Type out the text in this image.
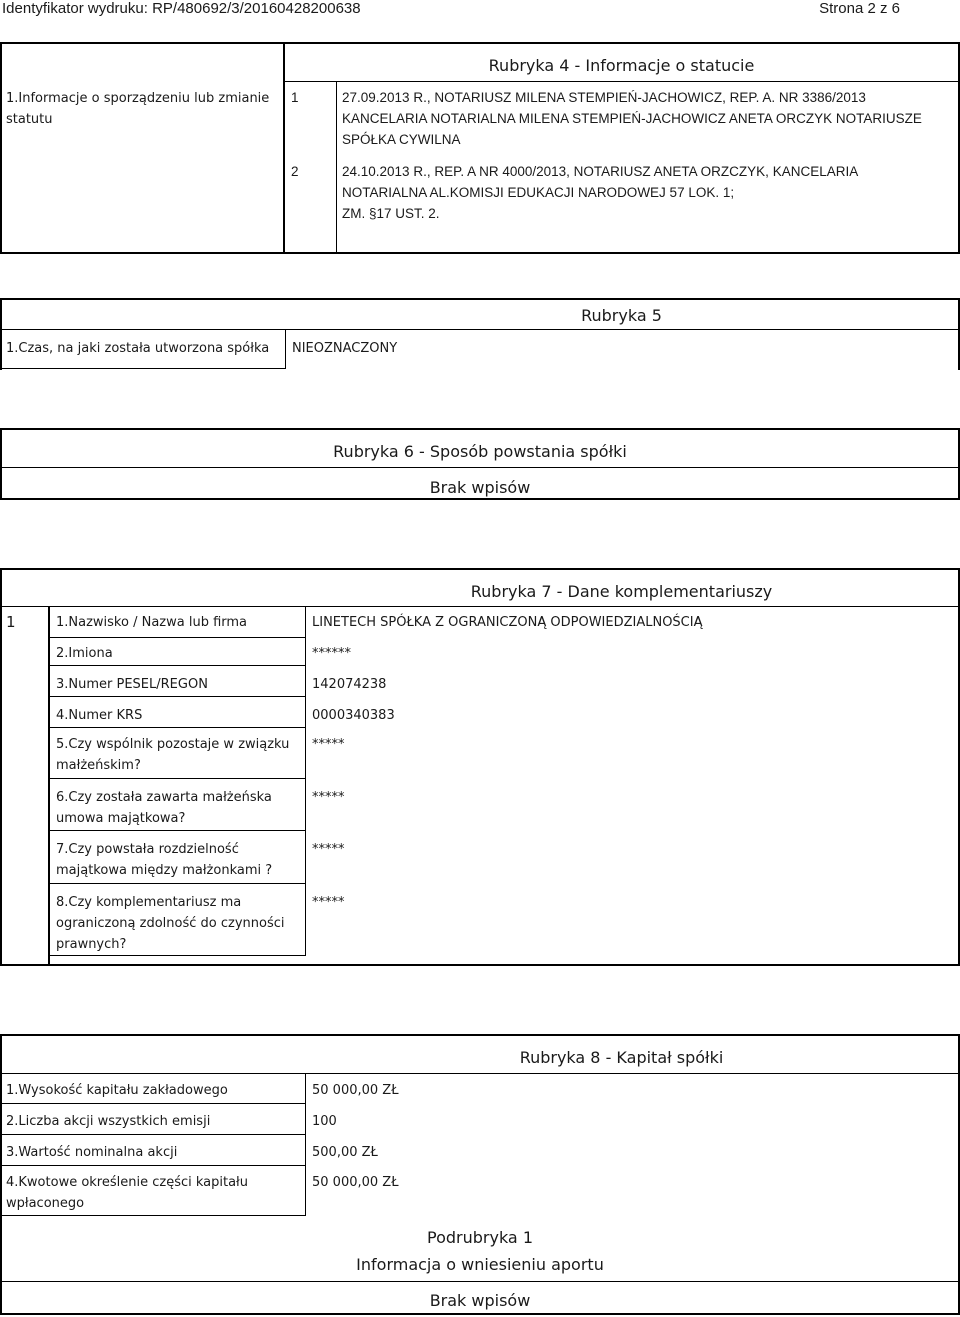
Identyfikator wydruku: RP/480692/3/20160428200638	Strona 2 z 6
Rubryka 4 - Informacje o statucie
1.Informacje o sporządzeniu lub zmianie
statutu
1	27.09.2013 R., NOTARIUSZ MILENA STEMPIEŃ-JACHOWICZ, REP. A. NR 3386/2013
KANCELARIA NOTARIALNA MILENA STEMPIEŃ-JACHOWICZ ANETA ORCZYK NOTARIUSZE
SPÓŁKA CYWILNA
2	24.10.2013 R., REP. A NR 4000/2013, NOTARIUSZ ANETA ORZCZYK, KANCELARIA
NOTARIALNA AL.KOMISJI EDUKACJI NARODOWEJ 57 LOK. 1;
ZM. §17 UST. 2.
Rubryka 5
1.Czas, na jaki została utworzona spółka NIEOZNACZONY
Rubryka 6 - Sposób powstania spółki
Brak wpisów
Rubryka 7 - Dane komplementariuszy
1	1.Nazwisko / Nazwa lub firma	LINETECH SPÓŁKA Z OGRANICZONĄ ODPOWIEDZIALNOŚCIĄ
2.Imiona	******
3.Numer PESEL/REGON	142074238
4.Numer KRS	0000340383
5.Czy wspólnik pozostaje w związku
małżeńskim?
*****
6.Czy została zawarta małżeńska
umowa majątkowa?
*****
7.Czy powstała rozdzielność
majątkowa między małżonkami ?
*****
8.Czy komplementariusz ma
ograniczoną zdolność do czynności
prawnych?
*****
Rubryka 8 - Kapitał spółki
1.Wysokość kapitału zakładowego	50 000,00 ZŁ
2.Liczba akcji wszystkich emisji	100
3.Wartość nominalna akcji	500,00 ZŁ
4.Kwotowe określenie części kapitału
wpłaconego
50 000,00 ZŁ
Podrubryka 1
Informacja o wniesieniu aportu
Brak wpisów
